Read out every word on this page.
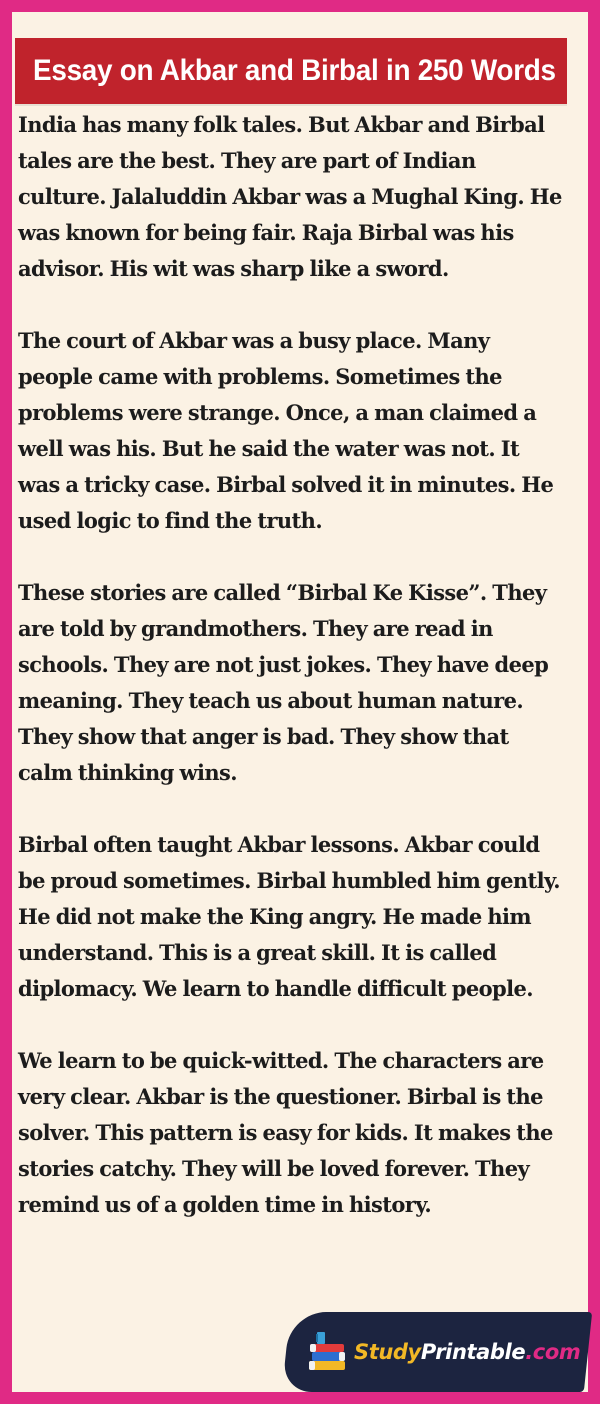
Essay on Akbar and Birbal in 250 Words

India has many folk tales. But Akbar and Birbal tales are the best. They are part of Indian culture. Jalaluddin Akbar was a Mughal King. He was known for being fair. Raja Birbal was his advisor. His wit was sharp like a sword.

The court of Akbar was a busy place. Many people came with problems. Sometimes the problems were strange. Once, a man claimed a well was his. But he said the water was not. It was a tricky case. Birbal solved it in minutes. He used logic to find the truth.

These stories are called “Birbal Ke Kisse”. They are told by grandmothers. They are read in schools. They are not just jokes. They have deep meaning. They teach us about human nature. They show that anger is bad. They show that calm thinking wins.

Birbal often taught Akbar lessons. Akbar could be proud sometimes. Birbal humbled him gently. He did not make the King angry. He made him understand. This is a great skill. It is called diplomacy. We learn to handle difficult people.

We learn to be quick-witted. The characters are very clear. Akbar is the questioner. Birbal is the solver. This pattern is easy for kids. It makes the stories catchy. They will be loved forever. They remind us of a golden time in history.

StudyPrintable.com
